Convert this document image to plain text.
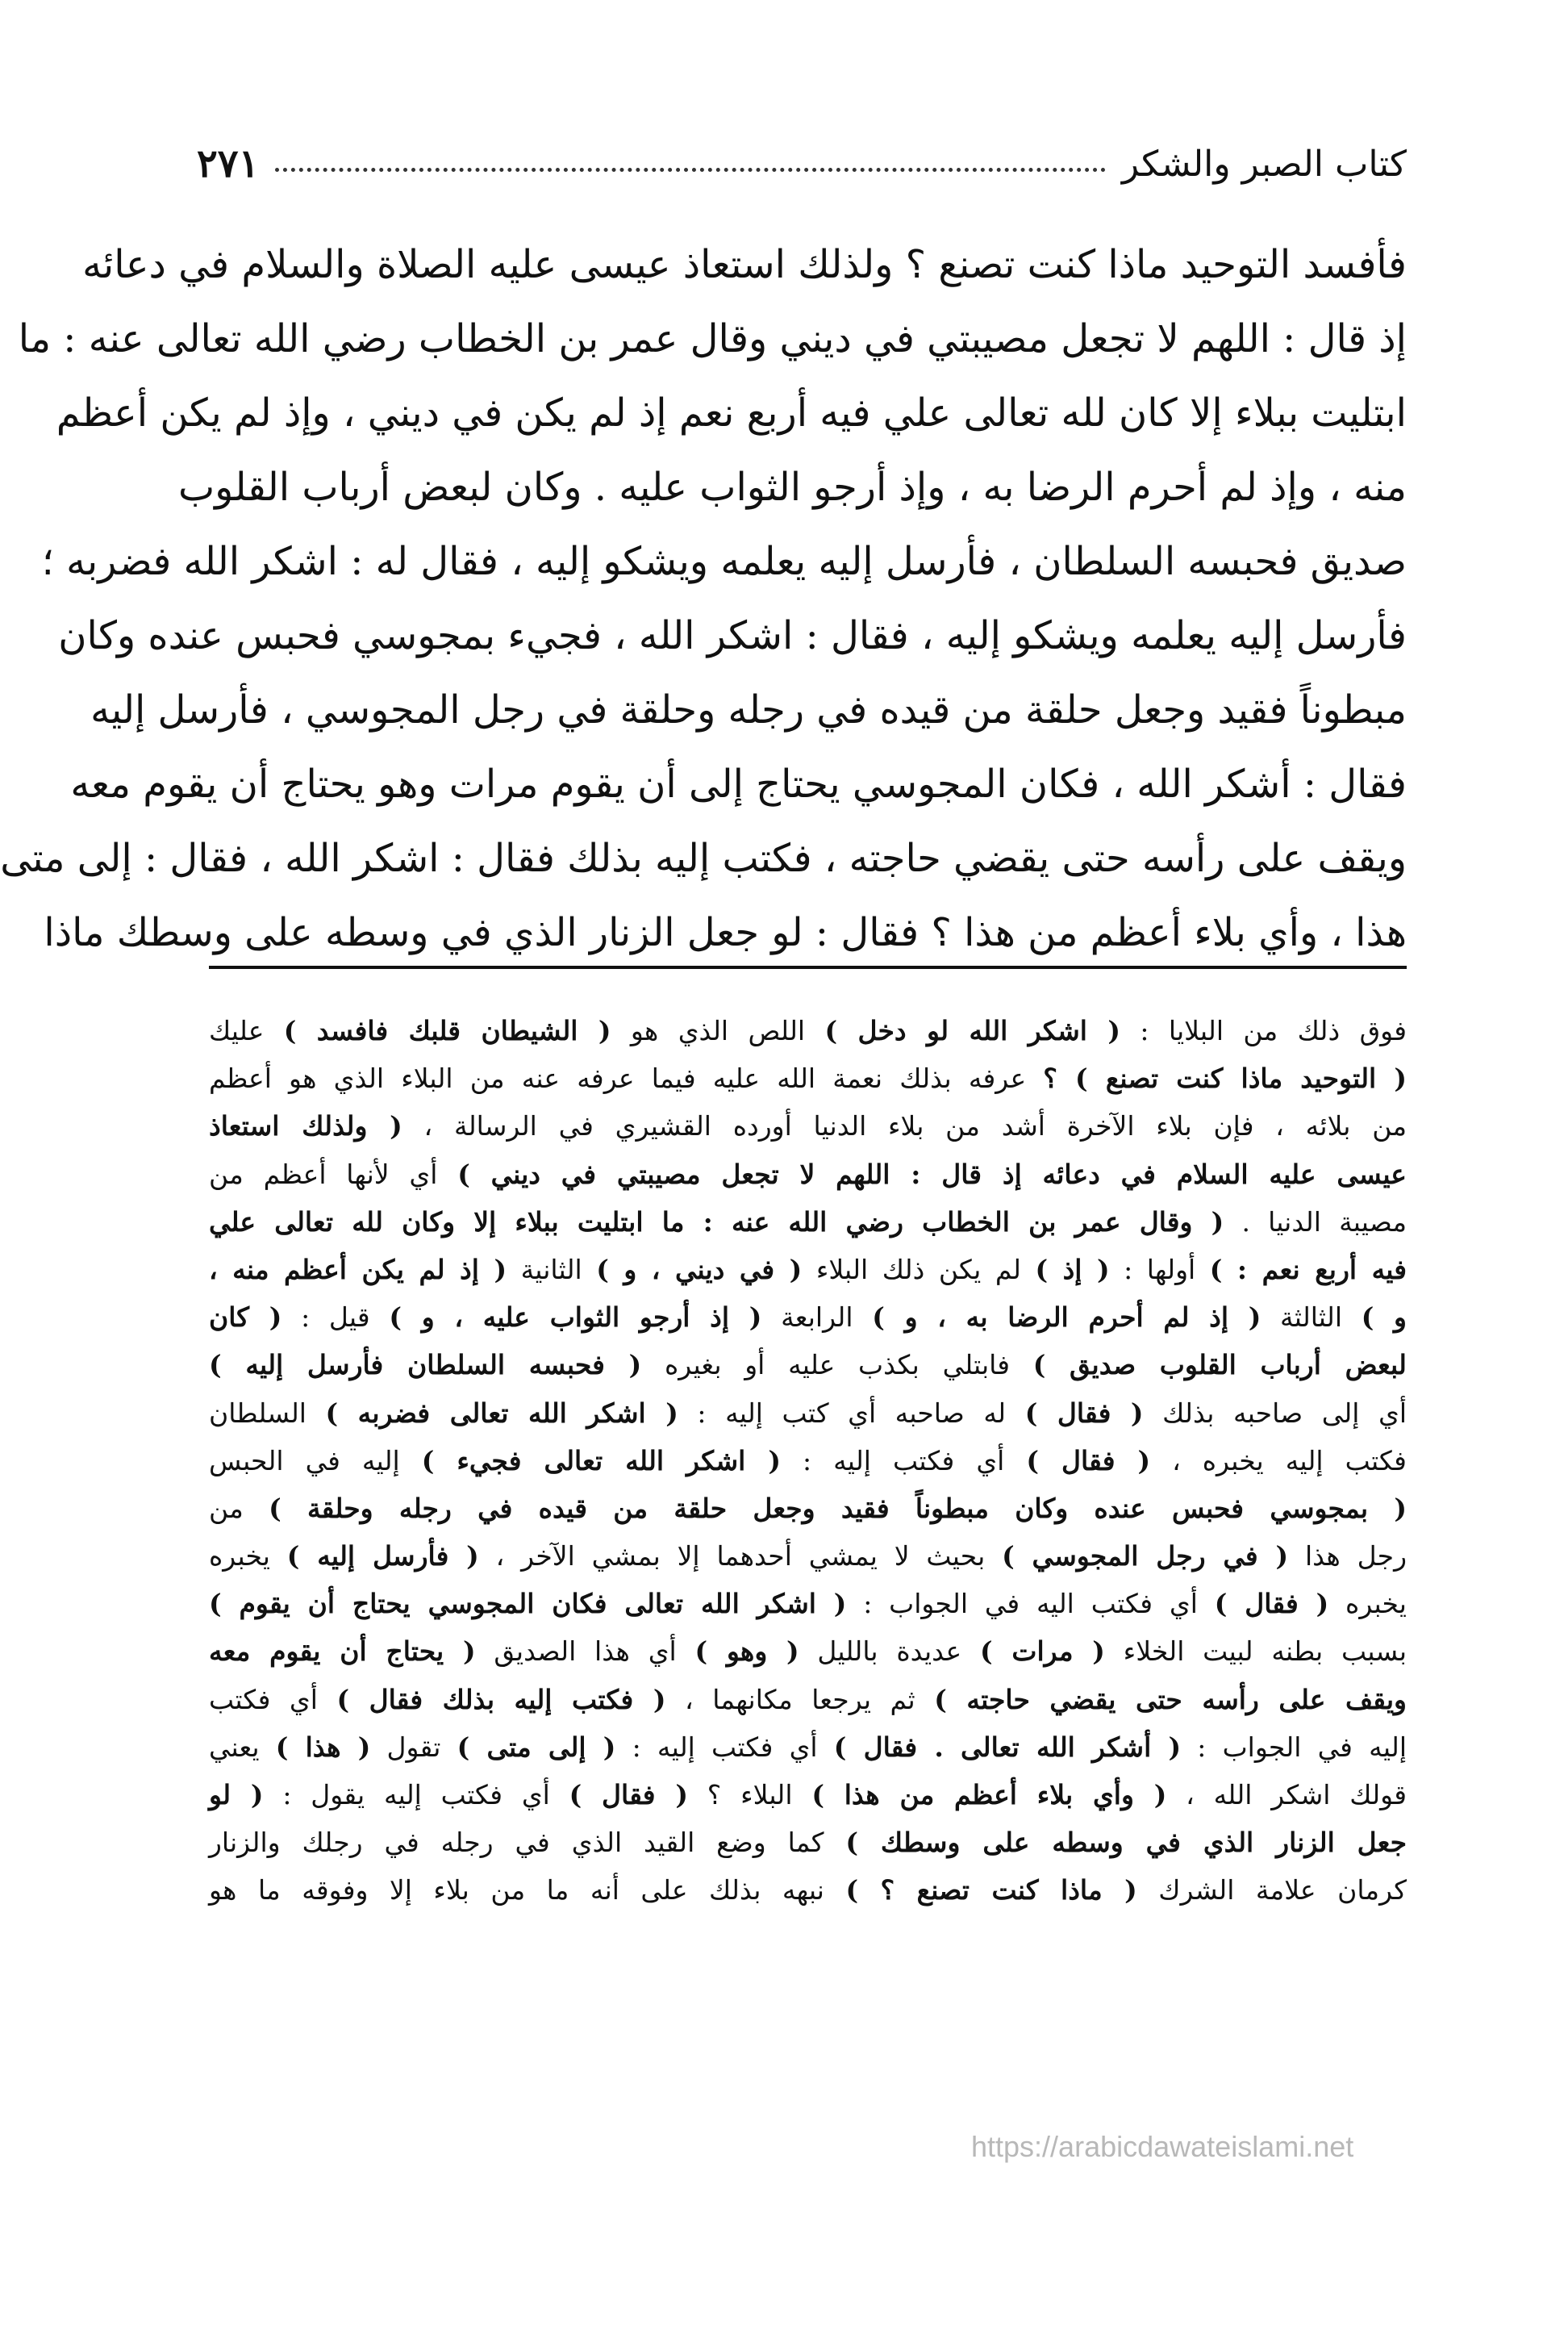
كتاب الصبر والشكر
٢٧١
فأفسد التوحيد ماذا كنت تصنع ؟ ولذلك استعاذ عيسى عليه الصلاة والسلام في دعائه
إذ قال : اللهم لا تجعل مصيبتي في ديني وقال عمر بن الخطاب رضي الله تعالى عنه : ما
ابتليت ببلاء إلا كان لله تعالى علي فيه أربع نعم إذ لم يكن في ديني ، وإذ لم يكن أعظم
منه ، وإذ لم أحرم الرضا به ، وإذ أرجو الثواب عليه . وكان لبعض أرباب القلوب
صديق فحبسه السلطان ، فأرسل إليه يعلمه ويشكو إليه ، فقال له : اشكر الله فضربه ؛
فأرسل إليه يعلمه ويشكو إليه ، فقال : اشكر الله ، فجيء بمجوسي فحبس عنده وكان
مبطوناً فقيد وجعل حلقة من قيده في رجله وحلقة في رجل المجوسي ، فأرسل إليه
فقال : أشكر الله ، فكان المجوسي يحتاج إلى أن يقوم مرات وهو يحتاج أن يقوم معه
ويقف على رأسه حتى يقضي حاجته ، فكتب إليه بذلك فقال : اشكر الله ، فقال : إلى متى
هذا ، وأي بلاء أعظم من هذا ؟ فقال : لو جعل الزنار الذي في وسطه على وسطك ماذا
فوق ذلك من البلايا : ( اشكر الله لو دخل ) اللص الذي هو ( الشيطان قلبك فافسد ) عليك
( التوحيد ماذا كنت تصنع ) ؟ عرفه بذلك نعمة الله عليه فيما عرفه عنه من البلاء الذي هو أعظم
من بلائه ، فإن بلاء الآخرة أشد من بلاء الدنيا أورده القشيري في الرسالة ، ( ولذلك استعاذ
عيسى عليه السلام في دعائه إذ قال : اللهم لا تجعل مصيبتي في ديني ) أي لأنها أعظم من
مصيبة الدنيا . ( وقال عمر بن الخطاب رضي الله عنه : ما ابتليت ببلاء إلا وكان لله تعالى علي
فيه أربع نعم : ) أولها : ( إذ ) لم يكن ذلك البلاء ( في ديني ، و ) الثانية ( إذ لم يكن أعظم منه ،
و ) الثالثة ( إذ لم أحرم الرضا به ، و ) الرابعة ( إذ أرجو الثواب عليه ، و ) قيل : ( كان
لبعض أرباب القلوب صديق ) فابتلي بكذب عليه أو بغيره ( فحبسه السلطان فأرسل إليه )
أي إلى صاحبه بذلك ( فقال ) له صاحبه أي كتب إليه : ( اشكر الله تعالى فضربه ) السلطان
فكتب إليه يخبره ، ( فقال ) أي فكتب إليه : ( اشكر الله تعالى فجيء ) إليه في الحبس
( بمجوسي فحبس عنده وكان مبطوناً فقيد وجعل حلقة من قيده في رجله وحلقة ) من
رجل هذا ( في رجل المجوسي ) بحيث لا يمشي أحدهما إلا بمشي الآخر ، ( فأرسل إليه ) يخبره
يخبره ( فقال ) أي فكتب اليه في الجواب : ( اشكر الله تعالى فكان المجوسي يحتاج أن يقوم )
بسبب بطنه لبيت الخلاء ( مرات ) عديدة بالليل ( وهو ) أي هذا الصديق ( يحتاج أن يقوم معه
ويقف على رأسه حتى يقضي حاجته ) ثم يرجعا مكانهما ، ( فكتب إليه بذلك فقال ) أي فكتب
إليه في الجواب : ( أشكر الله تعالى . فقال ) أي فكتب إليه : ( إلى متى ) تقول ( هذا ) يعني
قولك اشكر الله ، ( وأي بلاء أعظم من هذا ) البلاء ؟ ( فقال ) أي فكتب إليه يقول : ( لو
جعل الزنار الذي في وسطه على وسطك ) كما وضع القيد الذي في رجله في رجلك والزنار
كرمان علامة الشرك ( ماذا كنت تصنع ؟ ) نبهه بذلك على أنه ما من بلاء إلا وفوقه ما هو
https://arabicdawateislami.net
